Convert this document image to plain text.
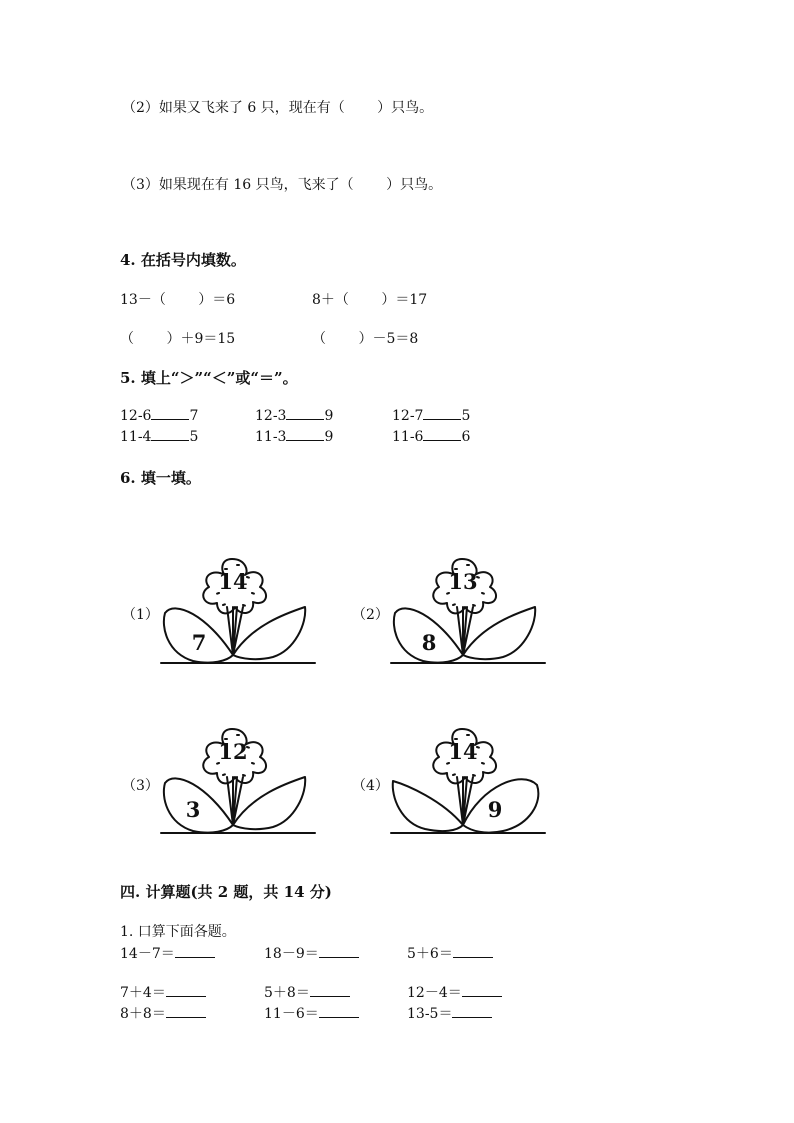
（2）如果又飞来了 6 只，现在有（　　 ）只鸟。
（3）如果现在有 16 只鸟，飞来了（　　 ）只鸟。
4. 在括号内填数。
13－（　　 ）＝6	8＋（　　 ）＝17
（　　 ）＋9＝15	（　　 ）－5＝8
5. 填上“＞”“＜”或“＝”。
12-6	7	12-3	9	12-7	5
11-4	5	11-3	9	11-6	6
6. 填一填。
（1）	（2）
（3）	（4）
14
7
13
8
12
3
14
9
四. 计算题(共 2 题，共 14 分)
1. 口算下面各题。
14－7＝	18－9＝	5＋6＝
7＋4＝	5＋8＝	12－4＝
8＋8＝	11－6＝	13-5＝
